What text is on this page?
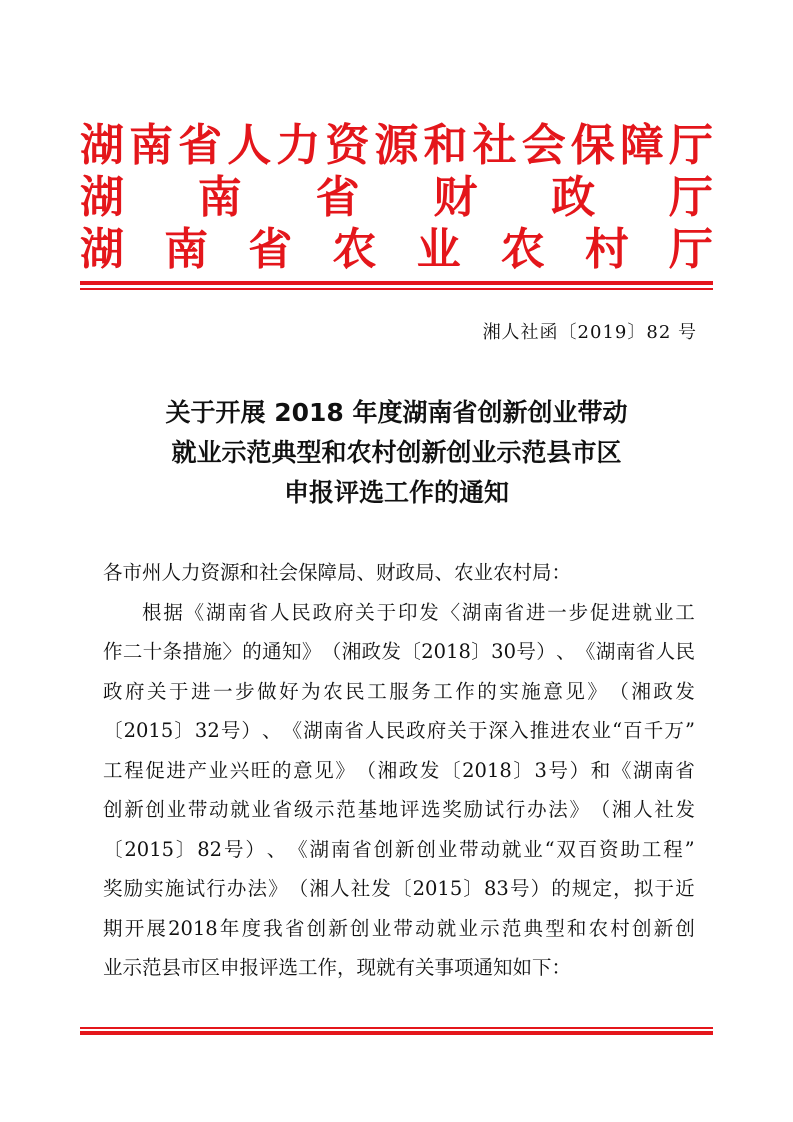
湖 南 省 人 力 资 源 和 社 会 保 障 厅
湖 南 省 财 政 厅
湖 南 省 农 业 农 村 厅
湘人社函〔2019〕82 号
关于开展 2018 年度湖南省创新创业带动
就业示范典型和农村创新创业示范县市区
申报评选工作的通知
各市州人力资源和社会保障局、财政局、农业农村局：
根 据 《 湖 南 省 人 民 政 府 关 于 印 发 〈 湖 南 省 进 一 步 促 进 就 业 工
作 二 十 条 措 施 〉 的 通 知 》 （ 湘 政 发 〔 2018 〕 30 号 ） 、 《 湖 南 省 人 民
政 府 关 于 进 一 步 做 好 为 农 民 工 服 务 工 作 的 实 施 意 见 》 （ 湘 政 发
〔 2015 〕 32 号 ） 、 《 湖 南 省 人 民 政 府 关 于 深 入 推 进 农 业 “ 百 千 万 ”
工 程 促 进 产 业 兴 旺 的 意 见 》 （ 湘 政 发 〔 2018 〕 3 号 ） 和 《 湖 南 省
创 新 创 业 带 动 就 业 省 级 示 范 基 地 评 选 奖 励 试 行 办 法 》 （ 湘 人 社 发
〔 2015 〕 82 号 ） 、 《 湖 南 省 创 新 创 业 带 动 就 业 “ 双 百 资 助 工 程 ”
奖 励 实 施 试 行 办 法 》 （ 湘 人 社 发 〔 2015 〕 83 号 ） 的 规 定 ， 拟 于 近
期 开 展 2018 年 度 我 省 创 新 创 业 带 动 就 业 示 范 典 型 和 农 村 创 新 创
业示范县市区申报评选工作，现就有关事项通知如下：
